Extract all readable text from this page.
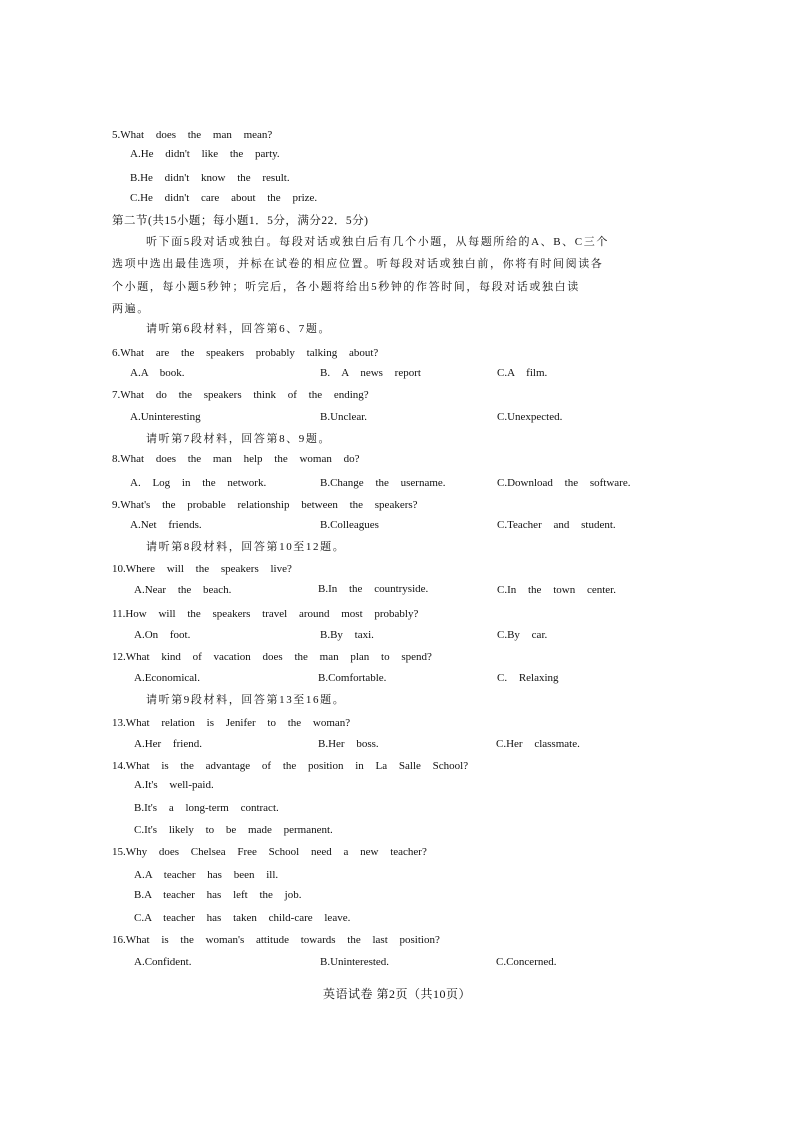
5.What does the man mean?
A.He didn't like the party.
B.He didn't know the result.
C.He didn't care about the prize.
第二节(共15小题；每小题1．5分，满分22．5分)
听下面5段对话或独白。每段对话或独白后有几个小题，从每题所给的A、B、C三个
选项中选出最佳选项，并标在试卷的相应位置。听每段对话或独白前，你将有时间阅读各
个小题，每小题5秒钟；听完后，各小题将给出5秒钟的作答时间，每段对话或独白读
两遍。
请听第6段材料，回答第6、7题。
6.What are the speakers probably talking about?
A.A book.	B. A news report	C.A film.
7.What do the speakers think of the ending?
A.Uninteresting	B.Unclear.	C.Unexpected.
请听第7段材料，回答第8、9题。
8.What does the man help the woman do?
A. Log in the network.	B.Change the username.	C.Download the software.
9.What's the probable relationship between the speakers?
A.Net friends.	B.Colleagues	C.Teacher and student.
请听第8段材料，回答第10至12题。
10.Where will the speakers live?
A.Near the beach.	B.In the countryside.	C.In the town center.
11.How will the speakers travel around most probably?
A.On foot.	B.By taxi.	C.By car.
12.What kind of vacation does the man plan to spend?
A.Economical.	B.Comfortable.	C. Relaxing
请听第9段材料，回答第13至16题。
13.What relation is Jenifer to the woman?
A.Her friend.	B.Her boss.	C.Her classmate.
14.What is the advantage of the position in La Salle School?
A.It's well-paid.
B.It's a long-term contract.
C.It's likely to be made permanent.
15.Why does Chelsea Free School need a new teacher?
A.A teacher has been ill.
B.A teacher has left the job.
C.A teacher has taken child-care leave.
16.What is the woman's attitude towards the last position?
A.Confident.	B.Uninterested.	C.Concerned.
英语试卷 第2页（共10页）
